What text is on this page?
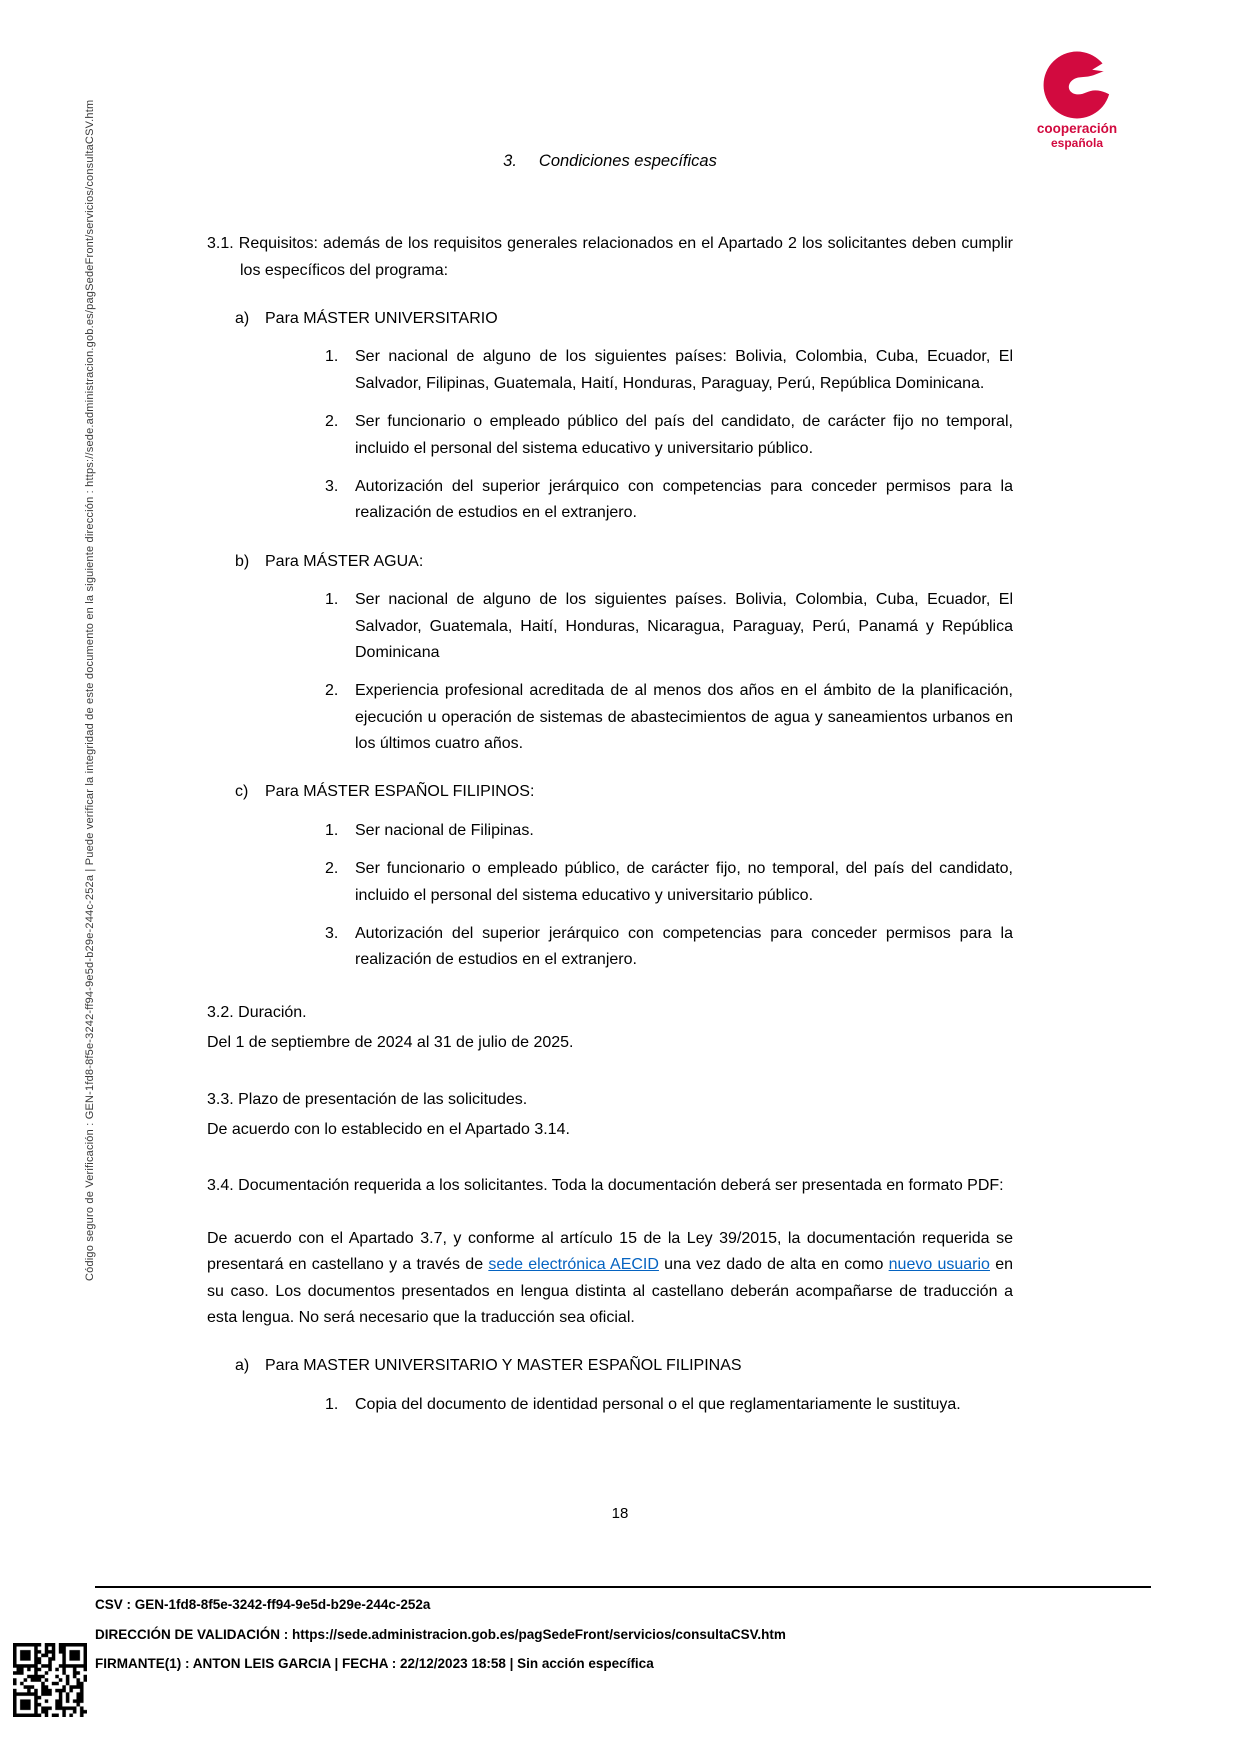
cooperación
española
Código seguro de Verificación : GEN-1fd8-8f5e-3242-ff94-9e5d-b29e-244c-252a | Puede verificar la integridad de este documento en la siguiente dirección : https://sede.administracion.gob.es/pagSedeFront/servicios/consultaCSV.htm	3. Condiciones específicas

3.1. Requisitos: además de los requisitos generales relacionados en el Apartado 2 los solicitantes deben cumplir los específicos del programa:

a) Para MÁSTER UNIVERSITARIO
1.	Ser nacional de alguno de los siguientes países: Bolivia, Colombia, Cuba, Ecuador, El Salvador, Filipinas, Guatemala, Haití, Honduras, Paraguay, Perú, República Dominicana.
2.	Ser funcionario o empleado público del país del candidato, de carácter fijo no temporal, incluido el personal del sistema educativo y universitario público.
3.	Autorización del superior jerárquico con competencias para conceder permisos para la realización de estudios en el extranjero.
b) Para MÁSTER AGUA:
1.	Ser nacional de alguno de los siguientes países. Bolivia, Colombia, Cuba, Ecuador, El Salvador, Guatemala, Haití, Honduras, Nicaragua, Paraguay, Perú, Panamá y República Dominicana
2.	Experiencia profesional acreditada de al menos dos años en el ámbito de la planificación, ejecución u operación de sistemas de abastecimientos de agua y saneamientos urbanos en los últimos cuatro años.
c)	Para MÁSTER ESPAÑOL FILIPINOS:
1.	Ser nacional de Filipinas.
2.	Ser funcionario o empleado público, de carácter fijo, no temporal, del país del candidato, incluido el personal del sistema educativo y universitario público.
3.	Autorización del superior jerárquico con competencias para conceder permisos para la realización de estudios en el extranjero.

3.2. Duración.

Del 1 de septiembre de 2024 al 31 de julio de 2025.

3.3. Plazo de presentación de las solicitudes.

De acuerdo con lo establecido en el Apartado 3.14.

3.4. Documentación requerida a los solicitantes. Toda la documentación deberá ser presentada en formato PDF:

De acuerdo con el Apartado 3.7, y conforme al artículo 15 de la Ley 39/2015, la documentación requerida se presentará en castellano y a través de sede electrónica AECID una vez dado de alta en como nuevo usuario en su caso. Los documentos presentados en lengua distinta al castellano deberán acompañarse de traducción a esta lengua. No será necesario que la traducción sea oficial.

a) Para MASTER UNIVERSITARIO Y MASTER ESPAÑOL FILIPINAS
1.	Copia del documento de identidad personal o el que reglamentariamente le sustituya.
18
CSV : GEN-1fd8-8f5e-3242-ff94-9e5d-b29e-244c-252a
DIRECCIÓN DE VALIDACIÓN : https://sede.administracion.gob.es/pagSedeFront/servicios/consultaCSV.htm
FIRMANTE(1) : ANTON LEIS GARCIA | FECHA : 22/12/2023 18:58 | Sin acción específica
